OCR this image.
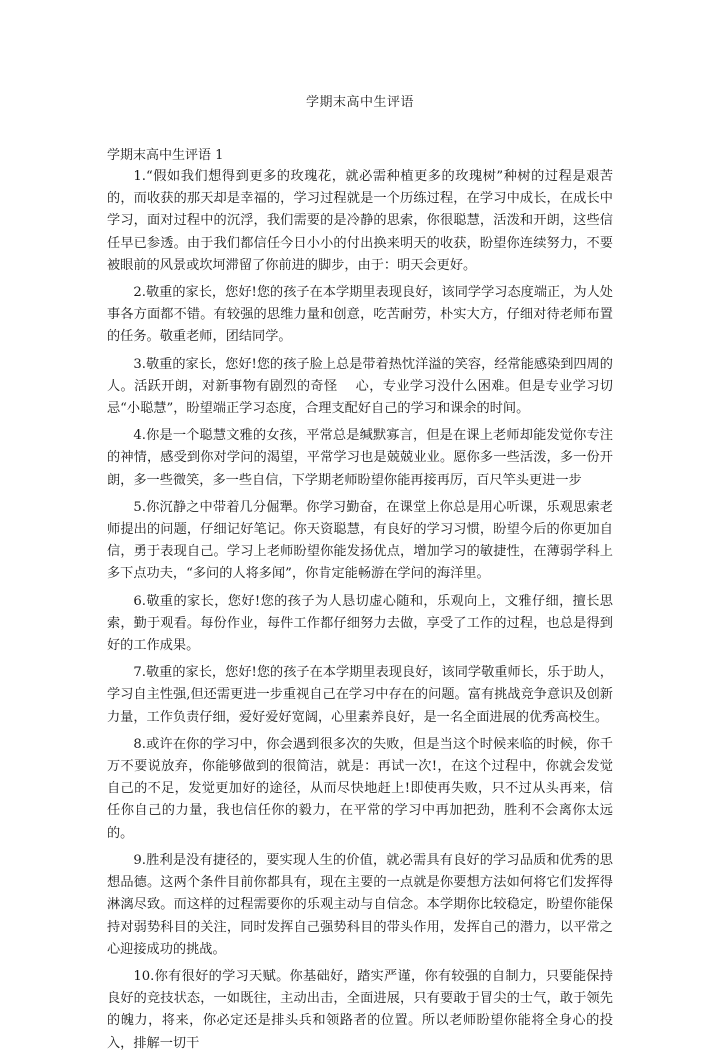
学期末高中生评语
学期末高中生评语 1

1.“假如我们想得到更多的玫瑰花，就必需种植更多的玫瑰树”种树的过程是艰苦的，而收获的那天却是幸福的，学习过程就是一个历练过程，在学习中成长，在成长中学习，面对过程中的沉浮，我们需要的是冷静的思索，你很聪慧，活泼和开朗，这些信任早已参透。由于我们都信任今日小小的付出换来明天的收获，盼望你连续努力，不要被眼前的风景或坎坷滞留了你前进的脚步，由于：明天会更好。

2.敬重的家长，您好!您的孩子在本学期里表现良好，该同学学习态度端正，为人处事各方面都不错。有较强的思维力量和创意，吃苦耐劳，朴实大方，仔细对待老师布置的任务。敬重老师，团结同学。

3.敬重的家长，您好!您的孩子脸上总是带着热忱洋溢的笑容，经常能感染到四周的人。活跃开朗，对新事物有剧烈的奇怪　 心，专业学习没什么困难。但是专业学习切忌“小聪慧”，盼望端正学习态度，合理支配好自己的学习和课余的时间。

4.你是一个聪慧文雅的女孩，平常总是缄默寡言，但是在课上老师却能发觉你专注的神情，感受到你对学问的渴望，平常学习也是兢兢业业。愿你多一些活泼，多一份开朗，多一些微笑，多一些自信，下学期老师盼望你能再接再厉，百尺竿头更进一步

5.你沉静之中带着几分倔犟。你学习勤奋，在课堂上你总是用心听课，乐观思索老师提出的问题，仔细记好笔记。你天资聪慧，有良好的学习习惯，盼望今后的你更加自信，勇于表现自己。学习上老师盼望你能发扬优点，增加学习的敏捷性，在薄弱学科上多下点功夫，“多问的人将多闻”，你肯定能畅游在学问的海洋里。

6.敬重的家长，您好!您的孩子为人恳切虚心随和，乐观向上，文雅仔细，擅长思索，勤于观看。每份作业，每件工作都仔细努力去做，享受了工作的过程，也总是得到好的工作成果。

7.敬重的家长，您好!您的孩子在本学期里表现良好，该同学敬重师长，乐于助人，学习自主性强,但还需更进一步重视自己在学习中存在的问题。富有挑战竞争意识及创新力量，工作负责仔细，爱好爱好宽阔，心里素养良好，是一名全面进展的优秀高校生。

8.或许在你的学习中，你会遇到很多次的失败，但是当这个时候来临的时候，你千万不要说放弃，你能够做到的很简洁，就是：再试一次!，在这个过程中，你就会发觉自己的不足，发觉更加好的途径，从而尽快地赶上!即使再失败，只不过从头再来，信任你自己的力量，我也信任你的毅力，在平常的学习中再加把劲，胜利不会离你太远的。

9.胜利是没有捷径的，要实现人生的价值，就必需具有良好的学习品质和优秀的思想品德。这两个条件目前你都具有，现在主要的一点就是你要想方法如何将它们发挥得淋漓尽致。而这样的过程需要你的乐观主动与自信念。本学期你比较稳定，盼望你能保持对弱势科目的关注，同时发挥自己强势科目的带头作用，发挥自己的潜力，以平常之心迎接成功的挑战。

10.你有很好的学习天赋。你基础好，踏实严谨，你有较强的自制力，只要能保持良好的竞技状态，一如既往，主动出击，全面进展，只有要敢于冒尖的士气，敢于领先的魄力，将来，你必定还是排头兵和领路者的位置。所以老师盼望你能将全身心的投入，排解一切干
